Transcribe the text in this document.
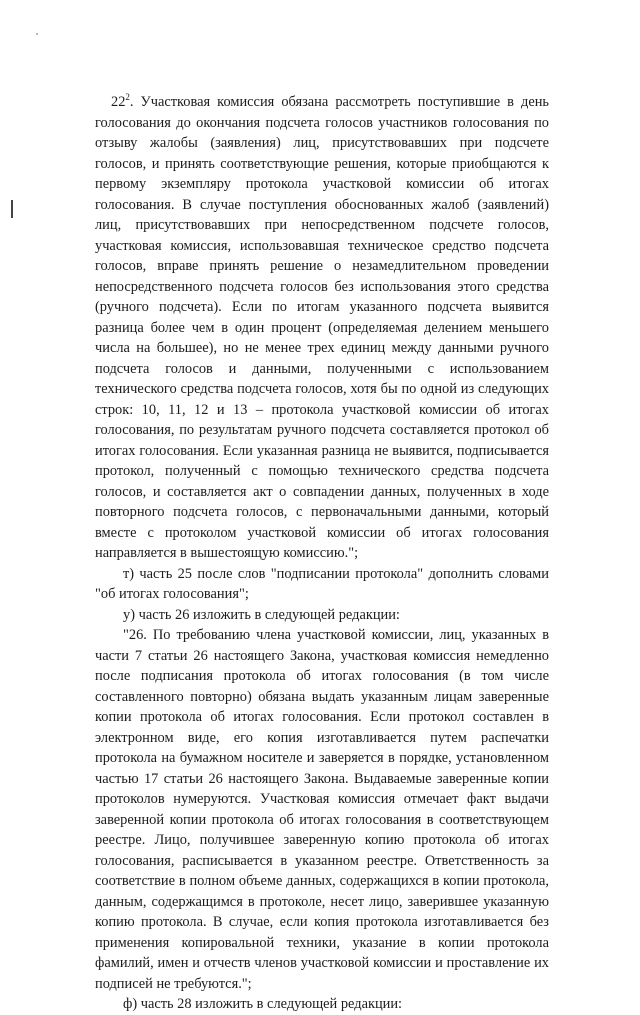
$22^2$. Участковая комиссия обязана рассмотреть поступившие в день голосования до окончания подсчета голосов участников голосования по отзыву жалобы (заявления) лиц, присутствовавших при подсчете голосов, и принять соответствующие решения, которые приобщаются к первому экземпляру протокола участковой комиссии об итогах голосования. В случае поступления обоснованных жалоб (заявлений) лиц, присутствовавших при непосредственном подсчете голосов, участковая комиссия, использовавшая техническое средство подсчета голосов, вправе принять решение о незамедлительном проведении непосредственного подсчета голосов без использования этого средства (ручного подсчета). Если по итогам указанного подсчета выявится разница более чем в один процент (определяемая делением меньшего числа на большее), но не менее трех единиц между данными ручного подсчета голосов и данными, полученными с использованием технического средства подсчета голосов, хотя бы по одной из следующих строк: 10, 11, 12 и 13 – протокола участковой комиссии об итогах голосования, по результатам ручного подсчета составляется протокол об итогах голосования. Если указанная разница не выявится, подписывается протокол, полученный с помощью технического средства подсчета голосов, и составляется акт о совпадении данных, полученных в ходе повторного подсчета голосов, с первоначальными данными, который вместе с протоколом участковой комиссии об итогах голосования направляется в вышестоящую комиссию.";

т) часть 25 после слов "подписании протокола" дополнить словами "об итогах голосования";

у) часть 26 изложить в следующей редакции:

"26. По требованию члена участковой комиссии, лиц, указанных в части 7 статьи 26 настоящего Закона, участковая комиссия немедленно после подписания протокола об итогах голосования (в том числе составленного повторно) обязана выдать указанным лицам заверенные копии протокола об итогах голосования. Если протокол составлен в электронном виде, его копия изготавливается путем распечатки протокола на бумажном носителе и заверяется в порядке, установленном частью 17 статьи 26 настоящего Закона. Выдаваемые заверенные копии протоколов нумеруются. Участковая комиссия отмечает факт выдачи заверенной копии протокола об итогах голосования в соответствующем реестре. Лицо, получившее заверенную копию протокола об итогах голосования, расписывается в указанном реестре. Ответственность за соответствие в полном объеме данных, содержащихся в копии протокола, данным, содержащимся в протоколе, несет лицо, заверившее указанную копию протокола. В случае, если копия протокола изготавливается без применения копировальной техники, указание в копии протокола фамилий, имен и отчеств членов участковой комиссии и проставление их подписей не требуются.";

ф) часть 28 изложить в следующей редакции:
